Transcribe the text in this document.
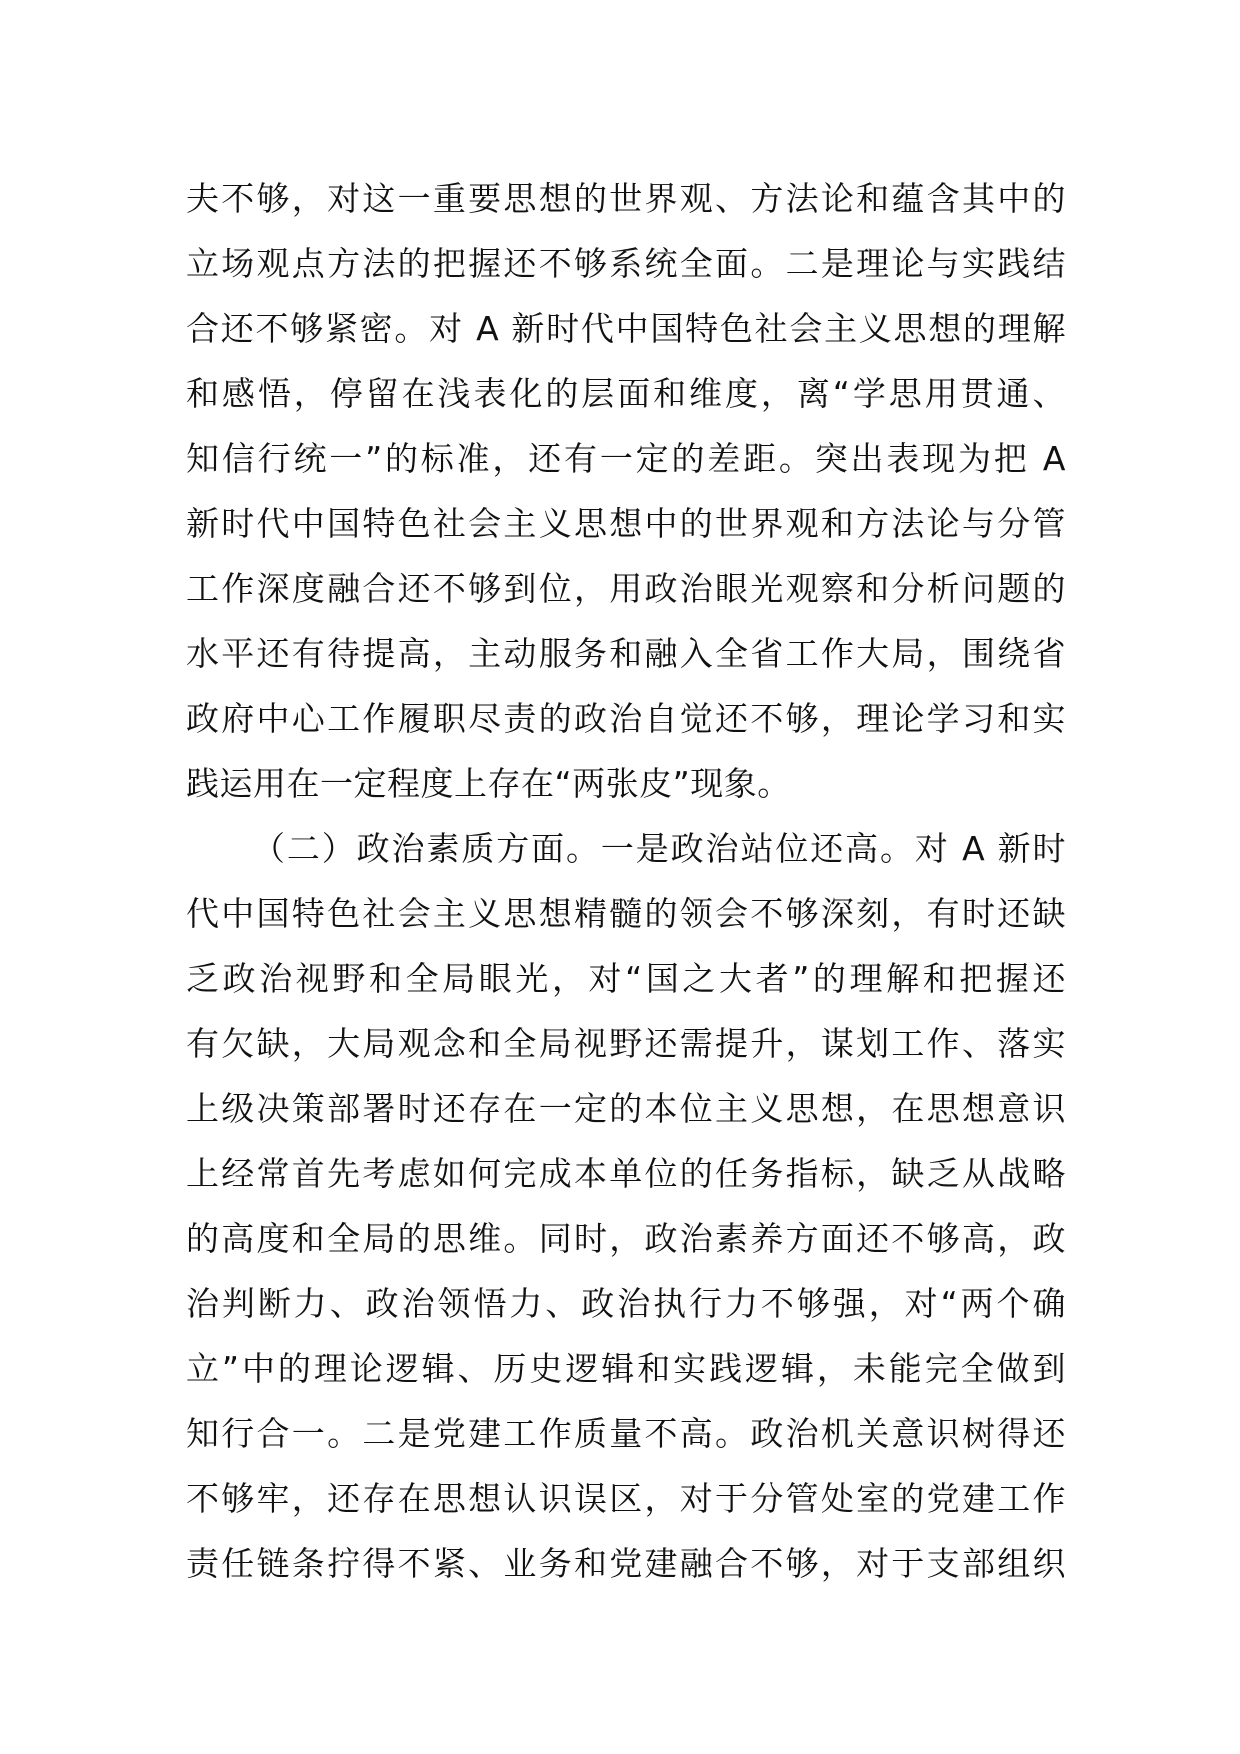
夫不够，对这一重要思想的世界观、方法论和蕴含其中的
立场观点方法的把握还不够系统全面。二是理论与实践结
合还不够紧密。对 A 新时代中国特色社会主义思想的理解
和感悟，停留在浅表化的层面和维度，离“学思用贯通、
知信行统一”的标准，还有一定的差距。突出表现为把 A
新时代中国特色社会主义思想中的世界观和方法论与分管
工作深度融合还不够到位，用政治眼光观察和分析问题的
水平还有待提高，主动服务和融入全省工作大局，围绕省
政府中心工作履职尽责的政治自觉还不够，理论学习和实
践运用在一定程度上存在“两张皮”现象。
（二）政治素质方面。一是政治站位还高。对 A 新时
代中国特色社会主义思想精髓的领会不够深刻，有时还缺
乏政治视野和全局眼光，对“国之大者”的理解和把握还
有欠缺，大局观念和全局视野还需提升，谋划工作、落实
上级决策部署时还存在一定的本位主义思想，在思想意识
上经常首先考虑如何完成本单位的任务指标，缺乏从战略
的高度和全局的思维。同时，政治素养方面还不够高，政
治判断力、政治领悟力、政治执行力不够强，对“两个确
立”中的理论逻辑、历史逻辑和实践逻辑，未能完全做到
知行合一。二是党建工作质量不高。政治机关意识树得还
不够牢，还存在思想认识误区，对于分管处室的党建工作
责任链条拧得不紧、业务和党建融合不够，对于支部组织
